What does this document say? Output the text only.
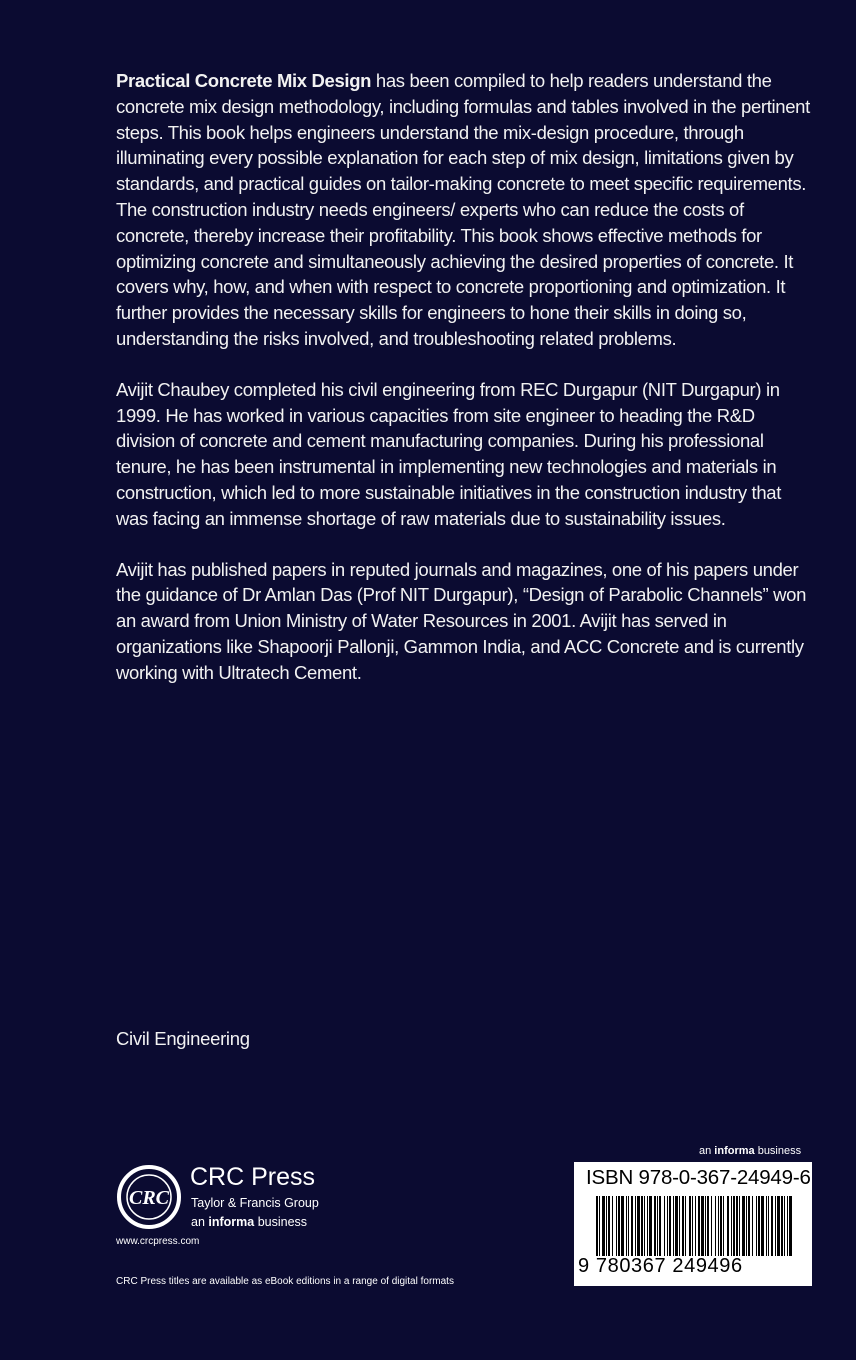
Practical Concrete Mix Design has been compiled to help readers understand the concrete mix design methodology, including formulas and tables involved in the pertinent steps. This book helps engineers understand the mix-design procedure, through illuminating every possible explanation for each step of mix design, limitations given by standards, and practical guides on tailor-making concrete to meet specific requirements. The construction industry needs engineers/ experts who can reduce the costs of concrete, thereby increase their profitability. This book shows effective methods for optimizing concrete and simultaneously achieving the desired properties of concrete. It covers why, how, and when with respect to concrete proportioning and optimization. It further provides the necessary skills for engineers to hone their skills in doing so, understanding the risks involved, and troubleshooting related problems.

Avijit Chaubey completed his civil engineering from REC Durgapur (NIT Durgapur) in 1999. He has worked in various capacities from site engineer to heading the R&D division of concrete and cement manufacturing companies. During his professional tenure, he has been instrumental in implementing new technologies and materials in construction, which led to more sustainable initiatives in the construction industry that was facing an immense shortage of raw materials due to sustainability issues.

Avijit has published papers in reputed journals and magazines, one of his papers under the guidance of Dr Amlan Das (Prof NIT Durgapur), “Design of Parabolic Channels” won an award from Union Ministry of Water Resources in 2001. Avijit has served in organizations like Shapoorji Pallonji, Gammon India, and ACC Concrete and is currently working with Ultratech Cement.

Civil Engineering
an informa business
ISBN 978-0-367-24949-6
9 780367 249496
CRC
CRC Press
Taylor & Francis Group
an informa business
www.crcpress.com
CRC Press titles are available as eBook editions in a range of digital formats
